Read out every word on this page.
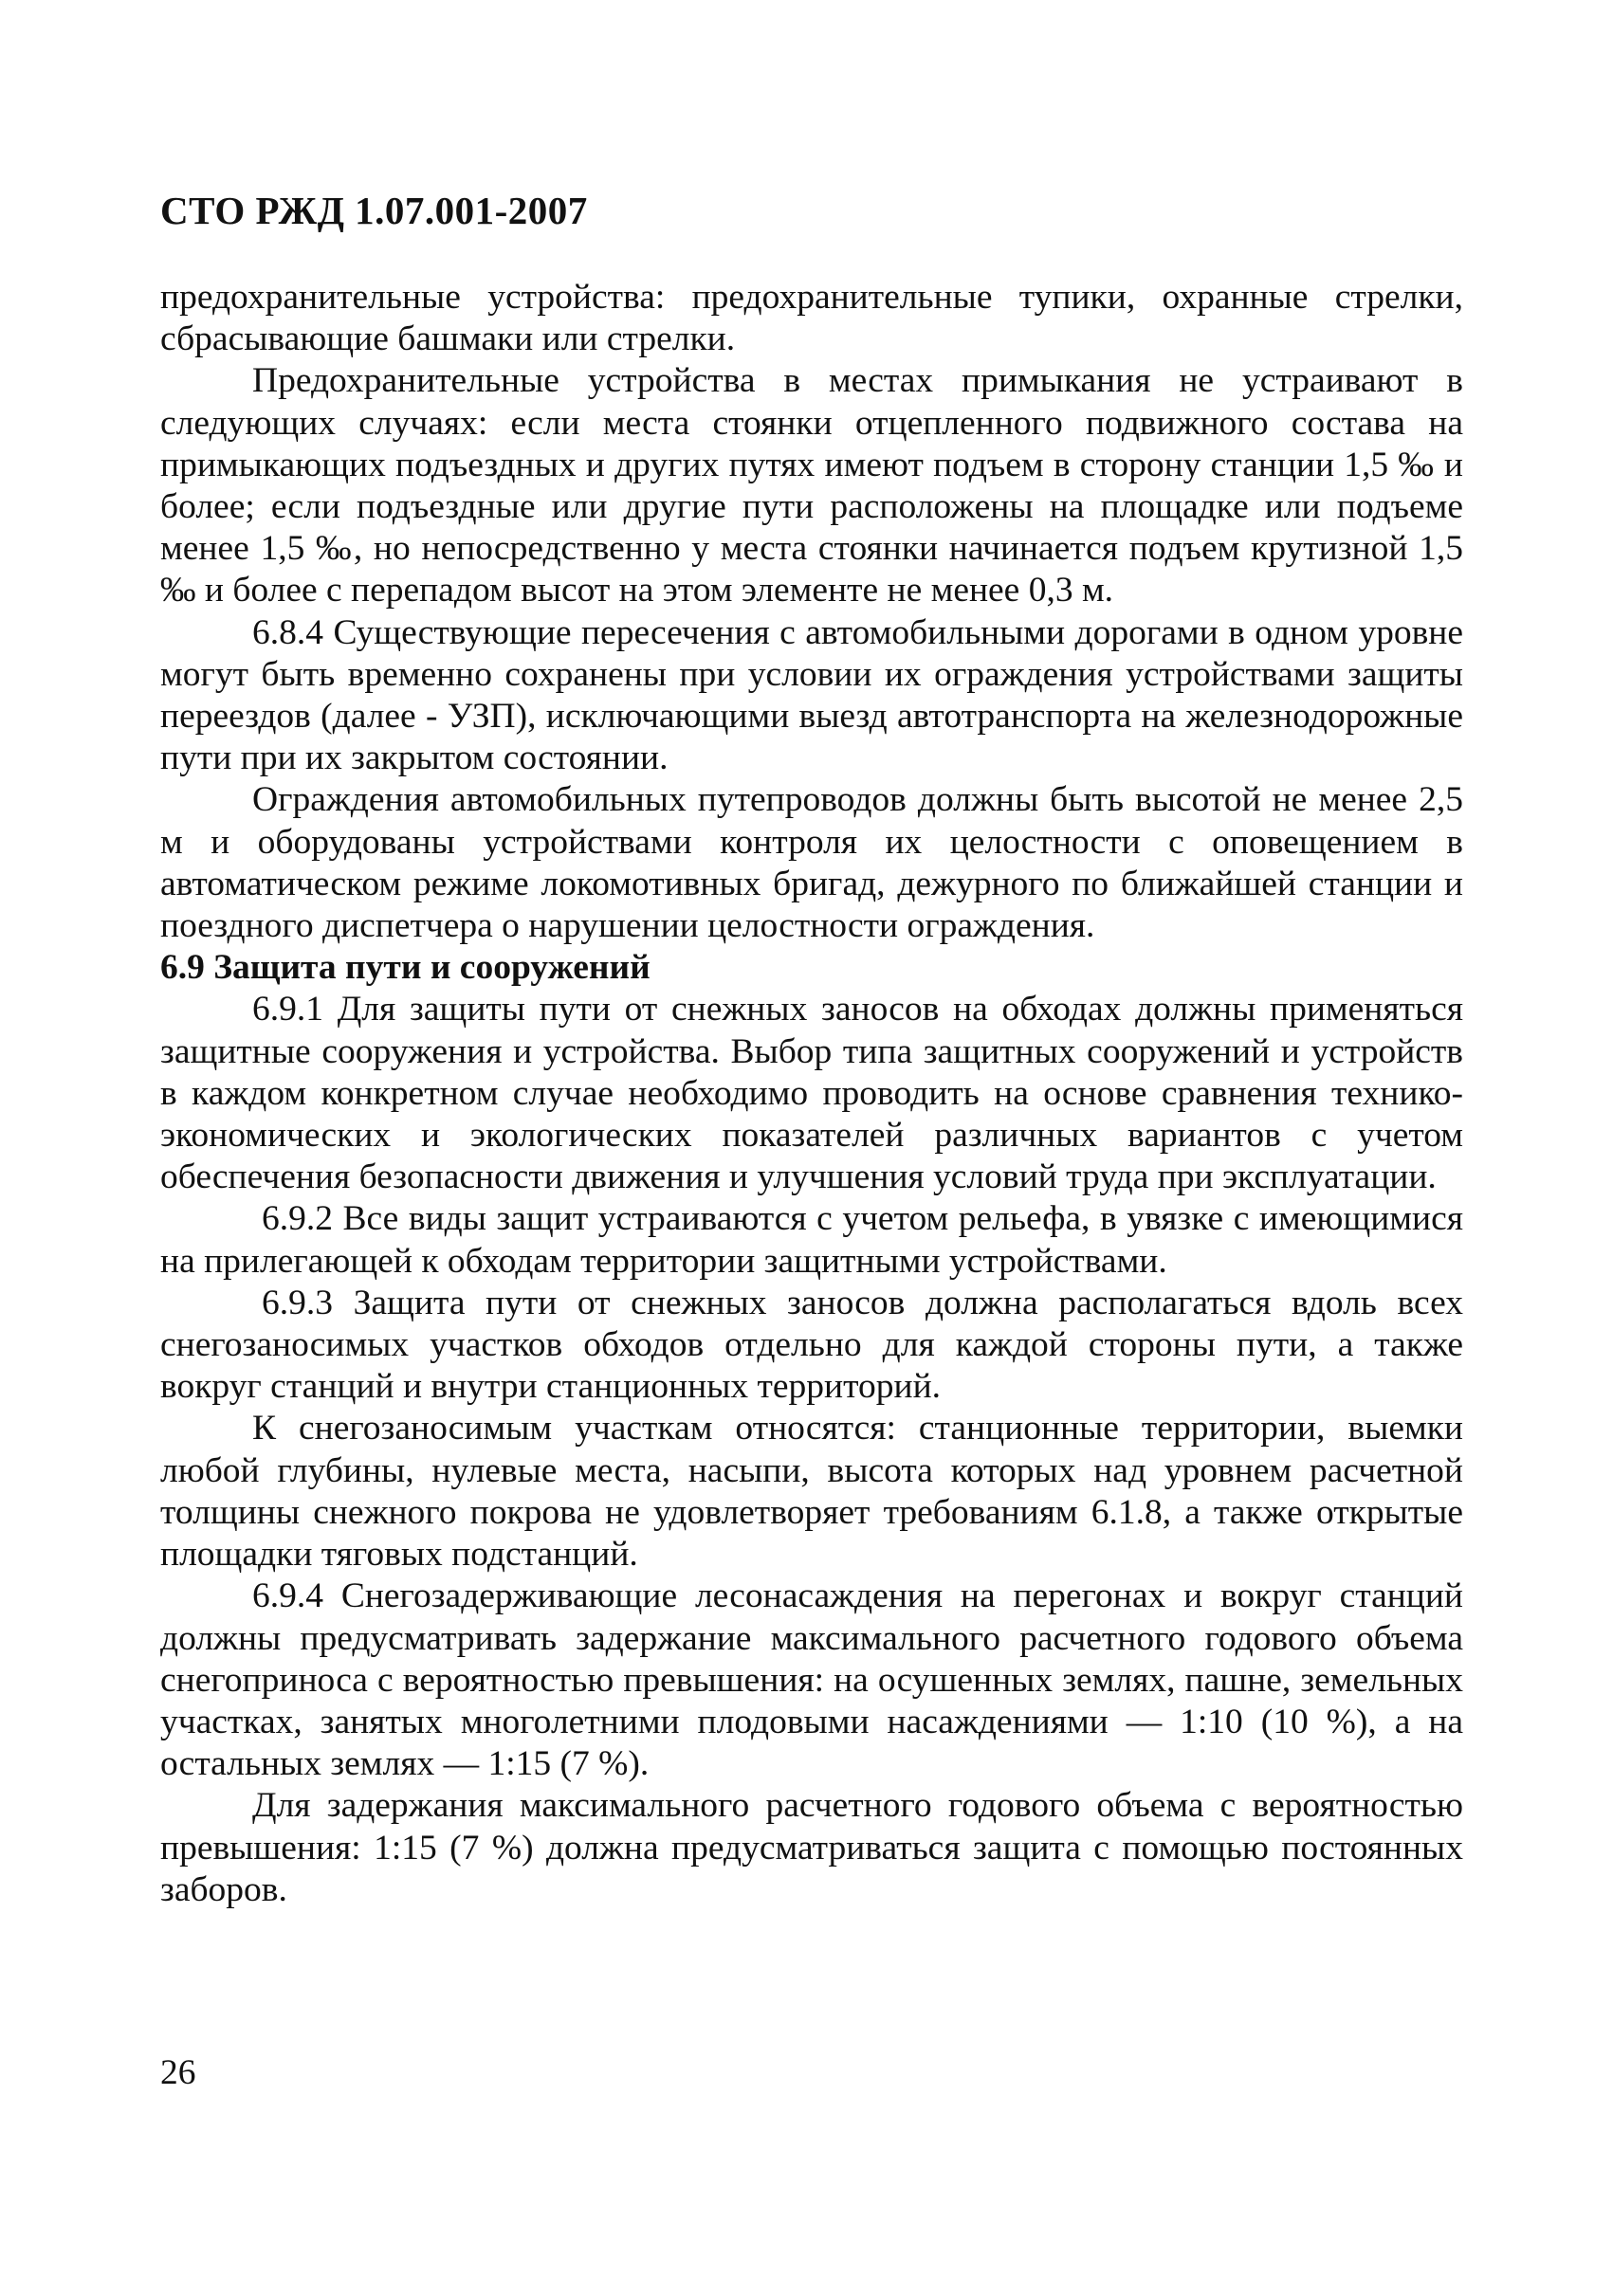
СТО РЖД 1.07.001-2007

предохранительные устройства: предохранительные тупики, охранные стрелки, сбрасывающие башмаки или стрелки.

Предохранительные устройства в местах примыкания не устраивают в следующих случаях: если места стоянки отцепленного подвижного состава на примыкающих подъездных и других путях имеют подъем в сторону станции 1,5 ‰ и более; если подъездные или другие пути расположены на площадке или подъеме менее 1,5 ‰, но непосредственно у места стоянки начинается подъем крутизной 1,5 ‰ и более с перепадом высот на этом элементе не менее 0,3 м.

6.8.4 Существующие пересечения с автомобильными дорогами в одном уровне могут быть временно сохранены при условии их ограждения устройствами защиты переездов (далее - УЗП), исключающими выезд автотранспорта на железнодорожные пути при их закрытом состоянии.

Ограждения автомобильных путепроводов должны быть высотой не менее 2,5 м и оборудованы устройствами контроля их целостности с оповещением в автоматическом режиме локомотивных бригад, дежурного по ближайшей станции и поездного диспетчера о нарушении целостности ограждения.

6.9 Защита пути и сооружений

6.9.1 Для защиты пути от снежных заносов на обходах должны применяться защитные сооружения и устройства. Выбор типа защитных сооружений и устройств в каждом конкретном случае необходимо проводить на основе сравнения технико-экономических и экологических показателей различных вариантов с учетом обеспечения безопасности движения и улучшения условий труда при эксплуатации.

6.9.2 Все виды защит устраиваются с учетом рельефа, в увязке с имеющимися на прилегающей к обходам территории защитными устройствами.

6.9.3 Защита пути от снежных заносов должна располагаться вдоль всех снегозаносимых участков обходов отдельно для каждой стороны пути, а также вокруг станций и внутри станционных территорий.

К снегозаносимым участкам относятся: станционные территории, выемки любой глубины, нулевые места, насыпи, высота которых над уровнем расчетной толщины снежного покрова не удовлетворяет требованиям 6.1.8, а также открытые площадки тяговых подстанций.

6.9.4 Снегозадерживающие лесонасаждения на перегонах и вокруг станций должны предусматривать задержание максимального расчетного годового объема снегоприноса с вероятностью превышения: на осушенных землях, пашне, земельных участках, занятых многолетними плодовыми насаждениями — 1:10 (10 %), а на остальных землях — 1:15 (7 %).

Для задержания максимального расчетного годового объема с вероятностью превышения: 1:15 (7 %) должна предусматриваться защита с помощью постоянных заборов.

26
